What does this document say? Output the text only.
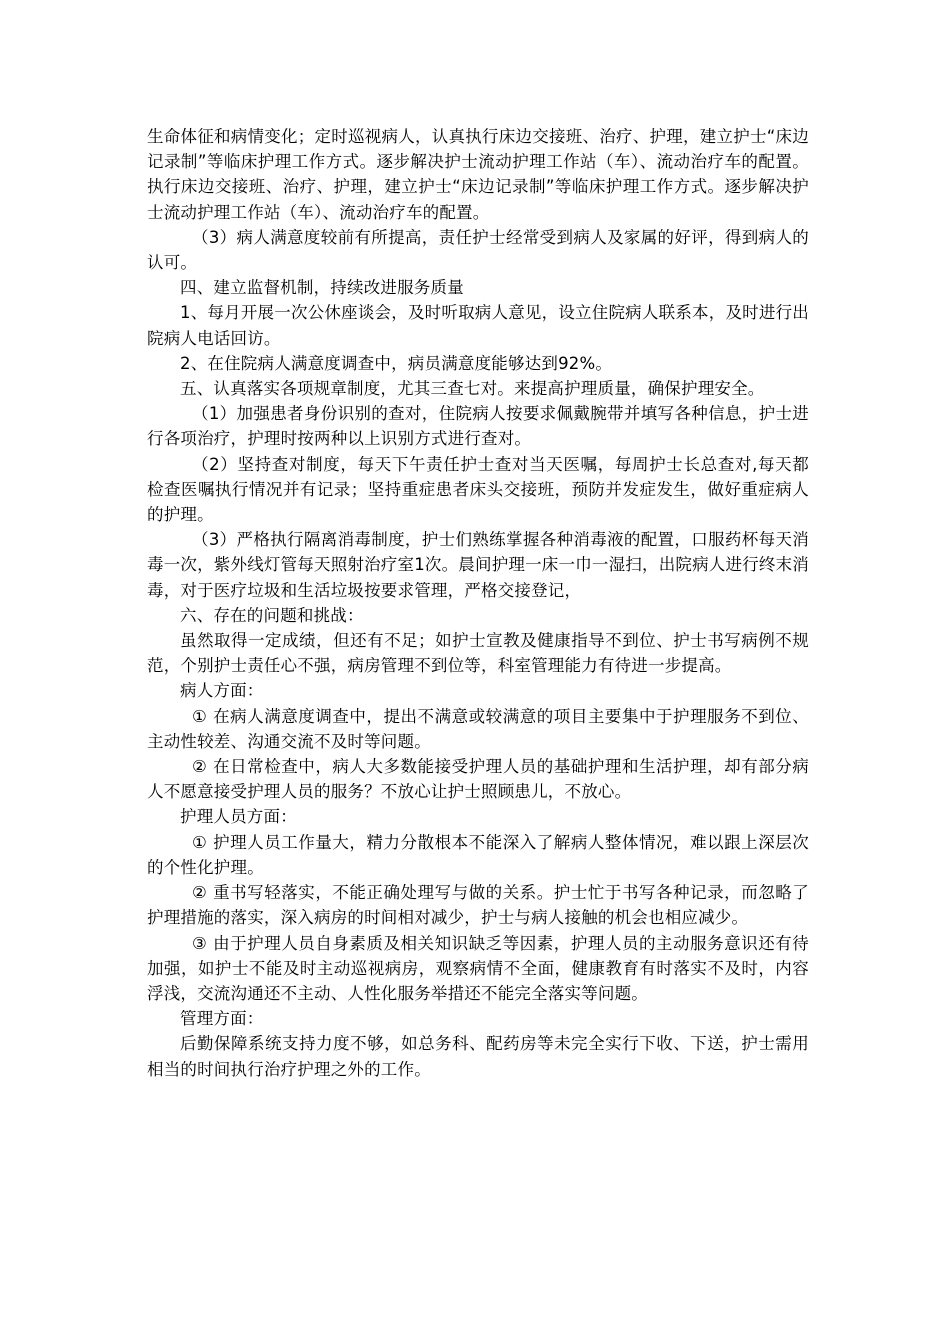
生命体征和病情变化；定时巡视病人，认真执行床边交接班、治疗、护理，建立护士“床边记录制”等临床护理工作方式。逐步解决护士流动护理工作站（车）、流动治疗车的配置。执行床边交接班、治疗、护理，建立护士“床边记录制”等临床护理工作方式。逐步解决护士流动护理工作站（车）、流动治疗车的配置。

（3）病人满意度较前有所提高，责任护士经常受到病人及家属的好评，得到病人的认可。

四、建立监督机制，持续改进服务质量

1、每月开展一次公休座谈会，及时听取病人意见，设立住院病人联系本，及时进行出院病人电话回访。

2、在住院病人满意度调查中，病员满意度能够达到92%。

五、认真落实各项规章制度，尤其三查七对。来提高护理质量，确保护理安全。

（1）加强患者身份识别的查对，住院病人按要求佩戴腕带并填写各种信息，护士进行各项治疗，护理时按两种以上识别方式进行查对。

（2）坚持查对制度，每天下午责任护士查对当天医嘱，每周护士长总查对,每天都检查医嘱执行情况并有记录；坚持重症患者床头交接班，预防并发症发生，做好重症病人的护理。

（3）严格执行隔离消毒制度，护士们熟练掌握各种消毒液的配置，口服药杯每天消毒一次，紫外线灯管每天照射治疗室1次。晨间护理一床一巾一湿扫，出院病人进行终末消毒，对于医疗垃圾和生活垃圾按要求管理，严格交接登记，

六、存在的问题和挑战：

虽然取得一定成绩，但还有不足；如护士宣教及健康指导不到位、护士书写病例不规范，个别护士责任心不强，病房管理不到位等，科室管理能力有待进一步提高。

病人方面：

① 在病人满意度调查中，提出不满意或较满意的项目主要集中于护理服务不到位、主动性较差、沟通交流不及时等问题。

② 在日常检查中，病人大多数能接受护理人员的基础护理和生活护理，却有部分病人不愿意接受护理人员的服务？不放心让护士照顾患儿，不放心。

护理人员方面：

① 护理人员工作量大，精力分散根本不能深入了解病人整体情况，难以跟上深层次的个性化护理。

② 重书写轻落实，不能正确处理写与做的关系。护士忙于书写各种记录，而忽略了护理措施的落实，深入病房的时间相对减少，护士与病人接触的机会也相应减少。

③ 由于护理人员自身素质及相关知识缺乏等因素，护理人员的主动服务意识还有待加强，如护士不能及时主动巡视病房，观察病情不全面，健康教育有时落实不及时，内容浮浅，交流沟通还不主动、人性化服务举措还不能完全落实等问题。

管理方面：

后勤保障系统支持力度不够，如总务科、配药房等未完全实行下收、下送，护士需用相当的时间执行治疗护理之外的工作。
